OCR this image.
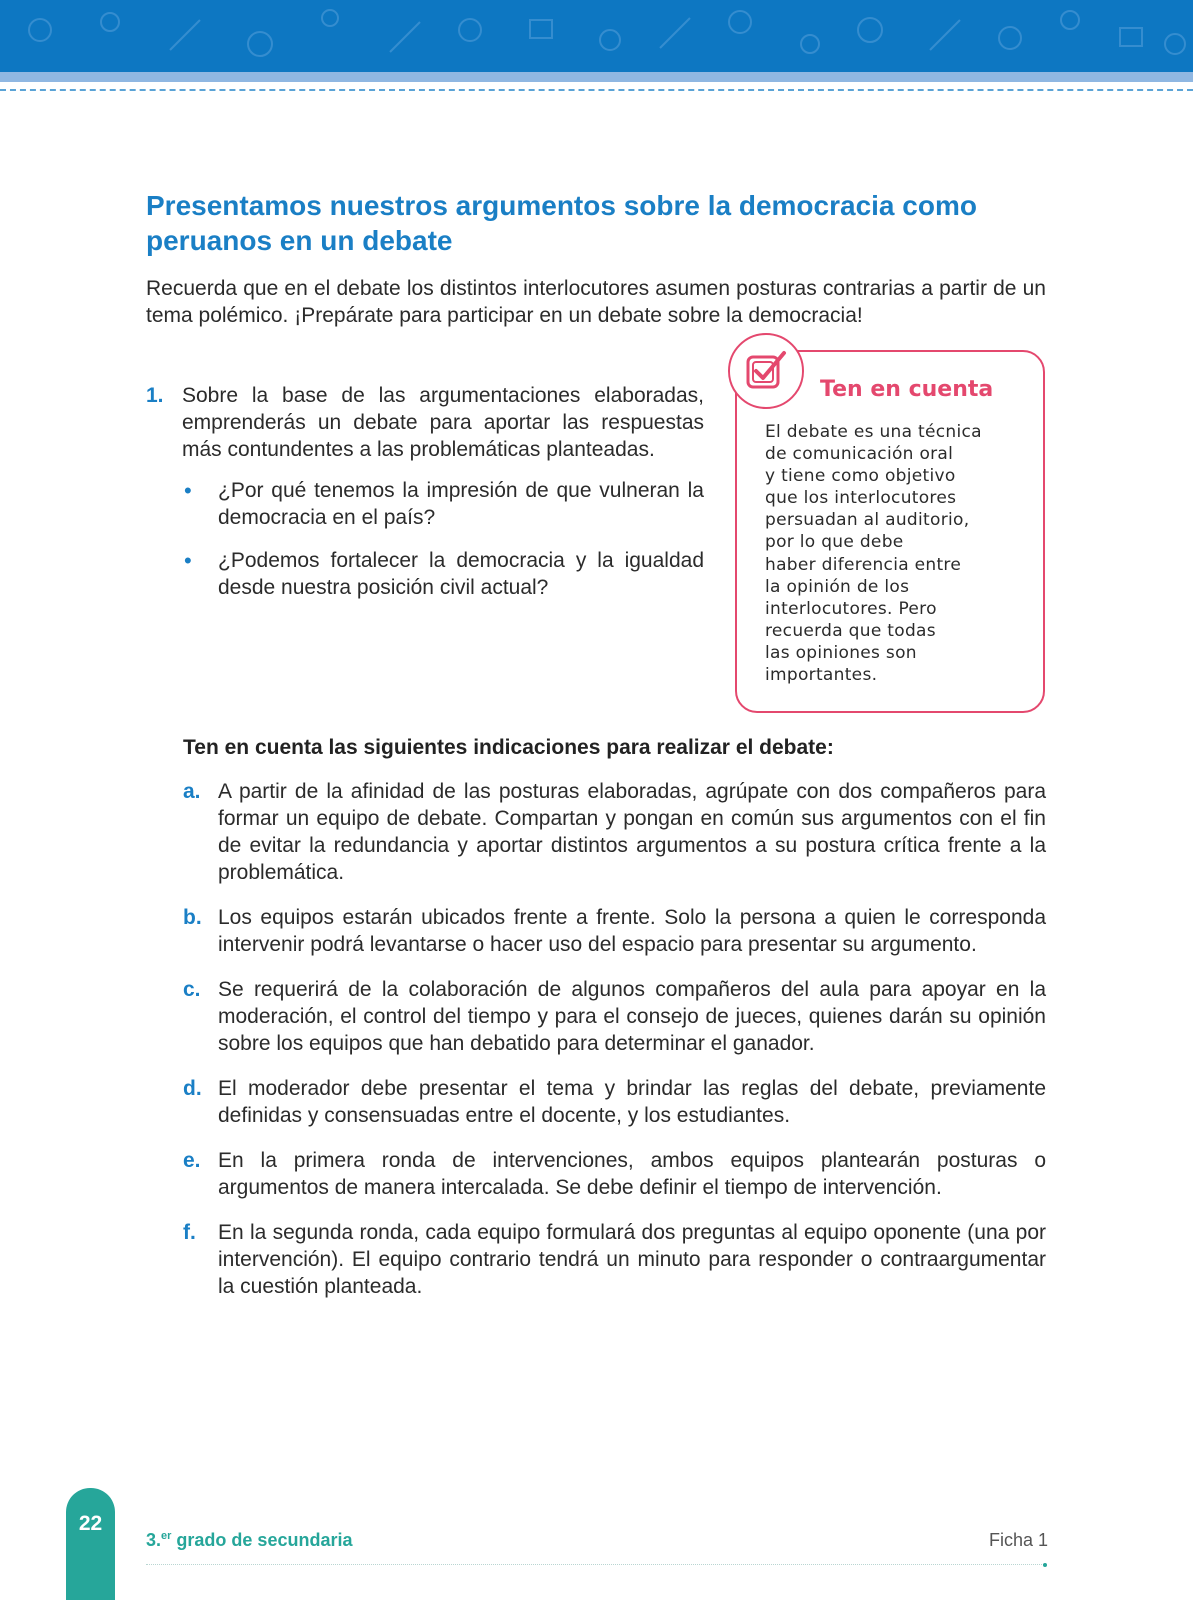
Presentamos nuestros argumentos sobre la democracia como peruanos en un debate

Recuerda que en el debate los distintos interlocutores asumen posturas contrarias a partir de un tema polémico. ¡Prepárate para participar en un debate sobre la democracia!

1. Sobre la base de las argumentaciones elaboradas, emprenderás un debate para aportar las respuestas más contundentes a las problemáticas planteadas.
• ¿Por qué tenemos la impresión de que vulneran la democracia en el país?
• ¿Podemos fortalecer la democracia y la igualdad desde nuestra posición civil actual?
Ten en cuenta

El debate es una técnica
de comunicación oral
y tiene como objetivo
que los interlocutores
persuadan al auditorio,
por lo que debe
haber diferencia entre
la opinión de los
interlocutores. Pero
recuerda que todas
las opiniones son
importantes.

Ten en cuenta las siguientes indicaciones para realizar el debate:
a. A partir de la afinidad de las posturas elaboradas, agrúpate con dos compañeros para formar un equipo de debate. Compartan y pongan en común sus argumentos con el fin de evitar la redundancia y aportar distintos argumentos a su postura crítica frente a la problemática.
b. Los equipos estarán ubicados frente a frente. Solo la persona a quien le corresponda intervenir podrá levantarse o hacer uso del espacio para presentar su argumento.
c. Se requerirá de la colaboración de algunos compañeros del aula para apoyar en la moderación, el control del tiempo y para el consejo de jueces, quienes darán su opinión sobre los equipos que han debatido para determinar el ganador.
d. El moderador debe presentar el tema y brindar las reglas del debate, previamente definidas y consensuadas entre el docente, y los estudiantes.
e. En la primera ronda de intervenciones, ambos equipos plantearán posturas o argumentos de manera intercalada. Se debe definir el tiempo de intervención.
f. En la segunda ronda, cada equipo formulará dos preguntas al equipo oponente (una por intervención). El equipo contrario tendrá un minuto para responder o contraargumentar la cuestión planteada.
22

3.$^{er}$ grado de secundaria	Ficha 1
